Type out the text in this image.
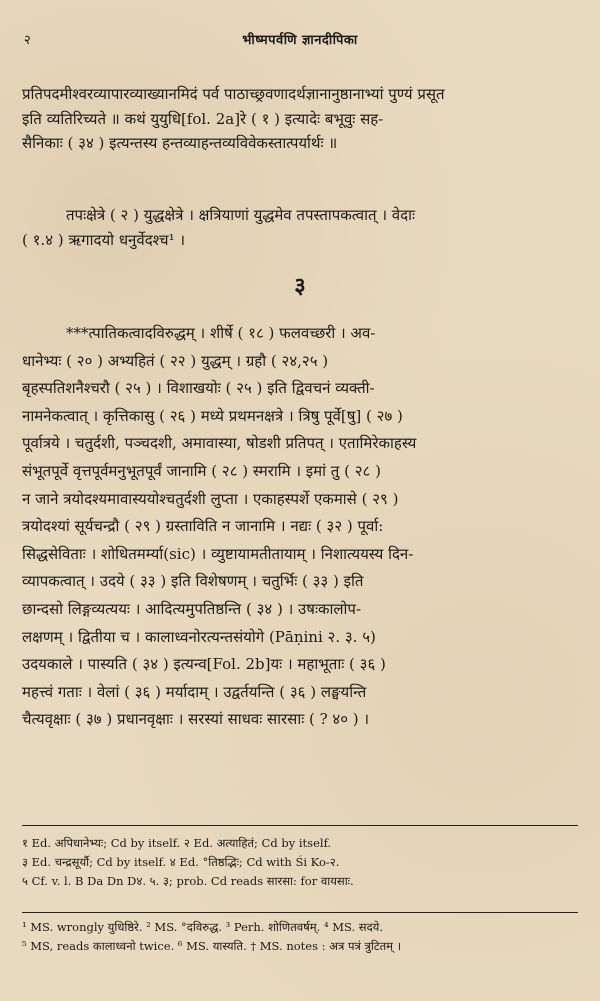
२	भीष्मपर्वणि ज्ञानदीपिका
प्रतिपदमीश्वरव्यापारव्याख्यानमिदं पर्व पाठाच्छ्रवणादर्थज्ञानानुष्ठानाभ्यां पुण्यं प्रसूत
इति व्यतिरिच्यते ॥ कथं युयुधि[fol. 2a]रे ( १ ) इत्यादेः बभूवुः सह-
सैनिकाः ( ३४ ) इत्यन्तस्य हन्तव्याहन्तव्यविवेकस्तात्पर्यार्थः ॥
तपःक्षेत्रे ( २ ) युद्धक्षेत्रे । क्षत्रियाणां युद्धमेव तपस्तापकत्वात् । वेदाः
( १.४ ) ऋगादयो धनुर्वेदश्च¹ ।
३
***त्पातिकत्वादविरुद्धम् । शीर्षे ( १८ ) फलवच्छरी । अव-
धानेभ्यः ( २० ) अभ्यहितं ( २२ ) युद्धम् । ग्रहौ ( २४,२५ )
बृहस्पतिशनैश्चरौ ( २५ ) । विशाखयोः ( २५ ) इति द्विवचनं व्यक्ती-
नामनेकत्वात् । कृत्तिकासु ( २६ ) मध्ये प्रथमनक्षत्रे । त्रिषु पूर्वे[षु] ( २७ )
पूर्वात्रये । चतुर्दशी, पञ्चदशी, अमावास्या, षोडशी प्रतिपत् । एतामिरेकाहस्य
संभूतपूर्वे वृत्तपूर्वमनुभूतपूर्वं जानामि ( २८ ) स्मरामि । इमां तु ( २८ )
न जाने त्रयोदश्यमावास्ययोश्चतुर्दशी लुप्ता । एकाहस्पर्शे एकमासे ( २९ )
त्रयोदश्यां सूर्यचन्द्रौ ( २९ ) ग्रस्ताविति न जानामि । नद्यः ( ३२ ) पूर्वा:
सिद्धसेविताः । शोधितमर्म्या(sic) । व्युष्टायामतीतायाम् । निशात्ययस्य दिन-
व्यापकत्वात् । उदये ( ३३ ) इति विशेषणम् । चतुर्भिः ( ३३ ) इति
छान्दसो लिङ्गव्यत्ययः । आदित्यमुपतिष्ठन्ति ( ३४ ) । उषःकालोप-
लक्षणम् । द्वितीया च । कालाध्वनोरत्यन्तसंयोगे (Pāṇini २. ३. ५)
उदयकाले । पास्यति ( ३४ ) इत्यन्व[Fol. 2b]यः । महाभूताः ( ३६ )
महत्त्वं गताः । वेलां ( ३६ ) मर्यादाम् । उद्वर्तयन्ति ( ३६ ) लङ्घयन्ति
चैत्यवृक्षाः ( ३७ ) प्रधानवृक्षाः । सरस्यां साधवः सारसाः ( ? ४० ) ।
१ Ed. अपिधानेभ्यः; Cd by itself. २ Ed. अत्याहितं; Cd by itself.
३ Ed. चन्द्रसूर्यौ; Cd by itself. ४ Ed. °तिष्ठद्भिः; Cd with Śi Ko-२.
५ Cf. v. l. B Da Dn D४. ५. ३; prob. Cd reads सारसा: for वायसाः.
¹ MS. wrongly युधिष्ठिरे. ² MS. °दविरुद्ध. ³ Perh. शोणितवर्षम्. ⁴ MS. सदये.
⁵ MS, reads कालाध्वनो twice. ⁶ MS. यास्यति. † MS. notes : अत्र पत्रं त्रुटितम् ।
